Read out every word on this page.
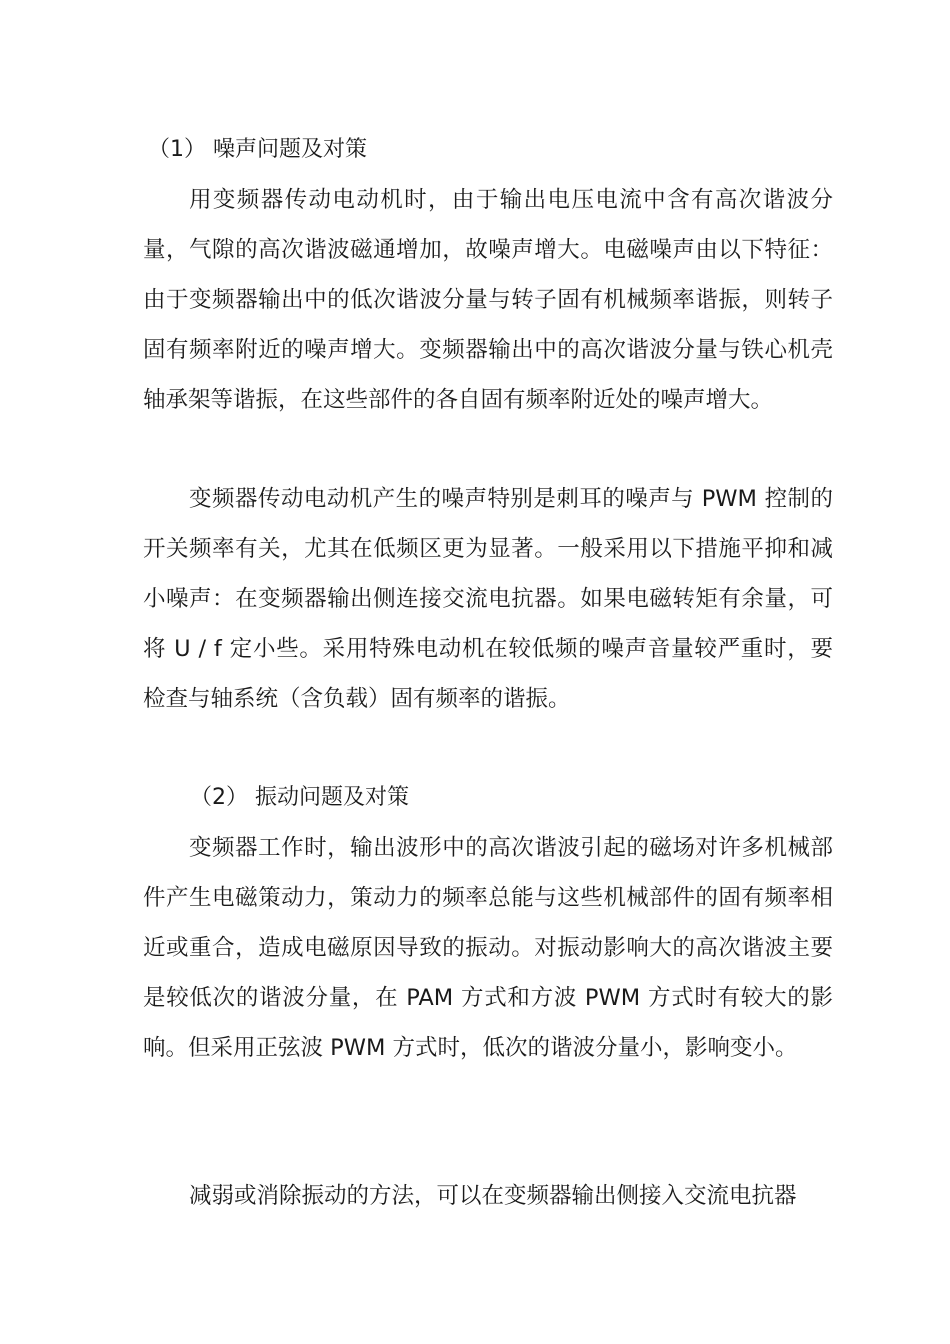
（1） 噪声问题及对策

用变频器传动电动机时，由于输出电压电流中含有高次谐波分量，气隙的高次谐波磁通增加，故噪声增大。电磁噪声由以下特征：由于变频器输出中的低次谐波分量与转子固有机械频率谐振，则转子固有频率附近的噪声增大。变频器输出中的高次谐波分量与铁心机壳轴承架等谐振，在这些部件的各自固有频率附近处的噪声增大。

变频器传动电动机产生的噪声特别是刺耳的噪声与 PWM 控制的开关频率有关，尤其在低频区更为显著。一般采用以下措施平抑和减小噪声：在变频器输出侧连接交流电抗器。如果电磁转矩有余量，可将 U / f 定小些。采用特殊电动机在较低频的噪声音量较严重时，要检查与轴系统（含负载）固有频率的谐振。

（2） 振动问题及对策

变频器工作时，输出波形中的高次谐波引起的磁场对许多机械部件产生电磁策动力，策动力的频率总能与这些机械部件的固有频率相近或重合，造成电磁原因导致的振动。对振动影响大的高次谐波主要是较低次的谐波分量，在 PAM 方式和方波 PWM 方式时有较大的影响。但采用正弦波 PWM 方式时，低次的谐波分量小，影响变小。

减弱或消除振动的方法，可以在变频器输出侧接入交流电抗器
